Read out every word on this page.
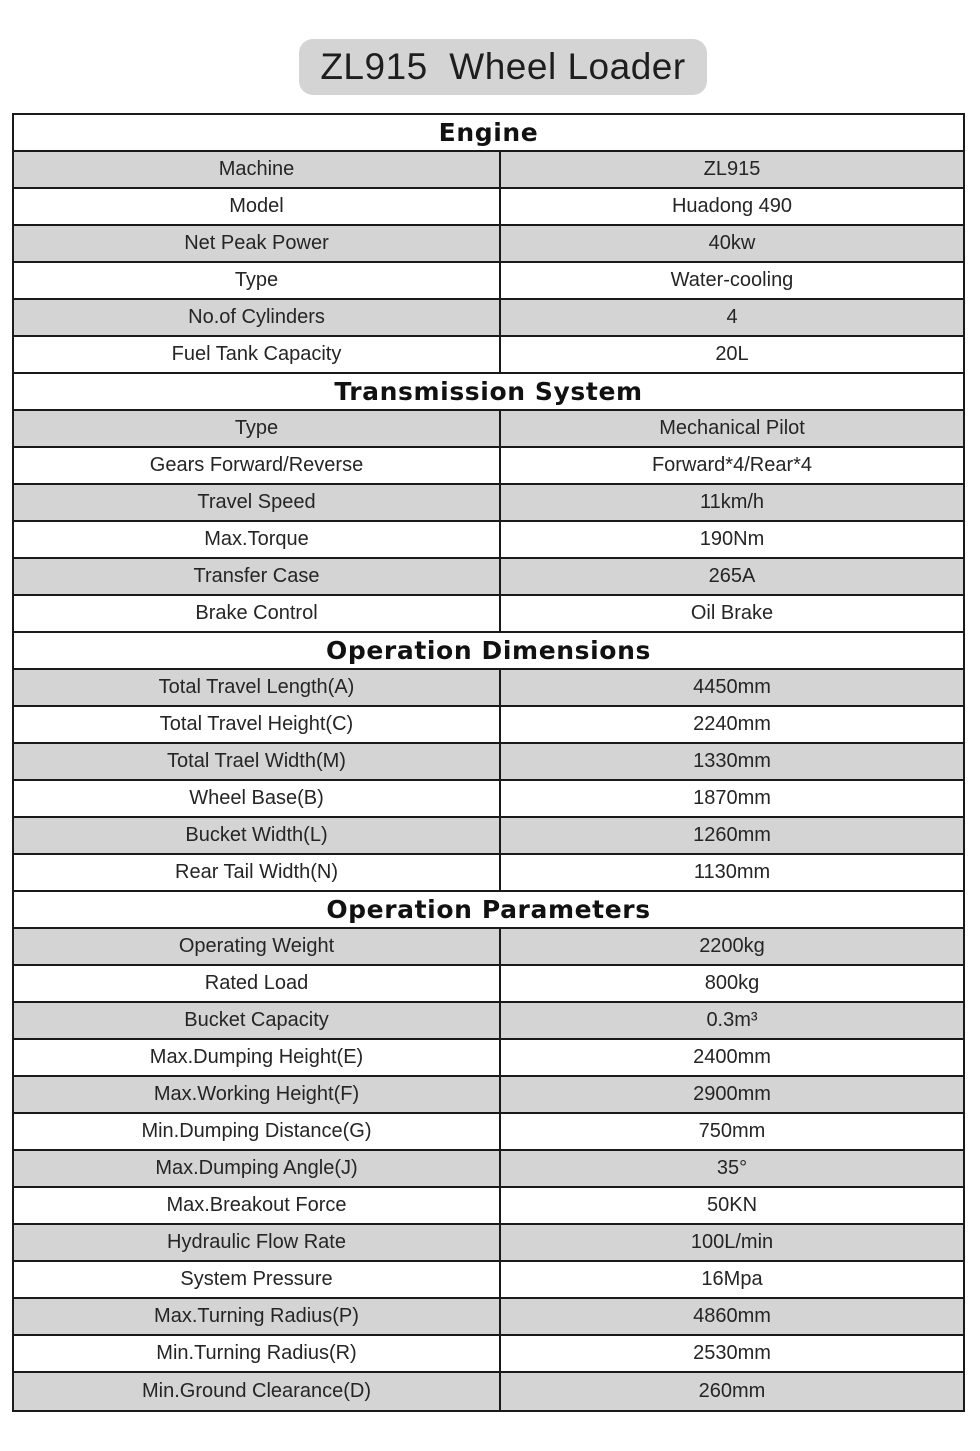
ZL915  Wheel Loader
Engine
Machine	ZL915
Model	Huadong 490
Net Peak Power	40kw
Type	Water-cooling
No.of Cylinders	4
Fuel Tank Capacity	20L
Transmission System
Type	Mechanical Pilot
Gears Forward/Reverse	Forward*4/Rear*4
Travel Speed	11km/h
Max.Torque	190Nm
Transfer Case	265A
Brake Control	Oil Brake
Operation Dimensions
Total Travel Length(A)	4450mm
Total Travel Height(C)	2240mm
Total Trael Width(M)	1330mm
Wheel Base(B)	1870mm
Bucket Width(L)	1260mm
Rear Tail Width(N)	1130mm
Operation Parameters
Operating Weight	2200kg
Rated Load	800kg
Bucket Capacity	0.3m³
Max.Dumping Height(E)	2400mm
Max.Working Height(F)	2900mm
Min.Dumping Distance(G)	750mm
Max.Dumping Angle(J)	35°
Max.Breakout Force	50KN
Hydraulic Flow Rate	100L/min
System Pressure	16Mpa
Max.Turning Radius(P)	4860mm
Min.Turning Radius(R)	2530mm
Min.Ground Clearance(D)	260mm
